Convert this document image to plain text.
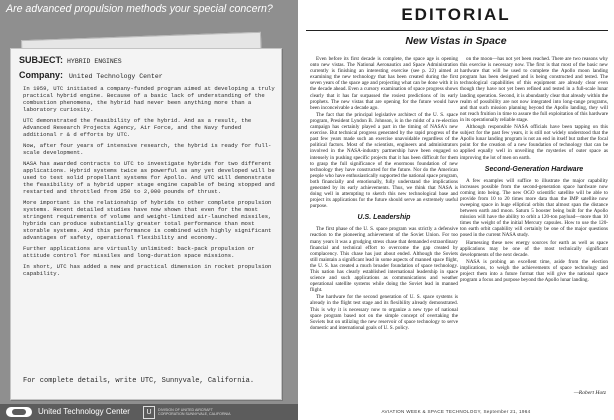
Are advanced propulsion methods your special concern?
SUBJECT: HYBRID ENGINES
Company: United Technology Center

In 1959, UTC initiated a company-funded program aimed at developing a truly practical hybrid engine. Because of a basic lack of understanding of the combustion phenomena, the hybrid had never been anything more than a laboratory curiosity.

UTC demonstrated the feasibility of the hybrid. And as a result, the Advanced Research Projects Agency, Air Force, and the Navy funded additional r & d efforts by UTC.

Now, after four years of intensive research, the hybrid is ready for full-scale development.

NASA has awarded contracts to UTC to investigate hybrids for two different applications. Hybrid systems twice as powerful as any yet developed will be used to test solid propellant systems for Apollo. And UTC will demonstrate the feasibility of a hybrid upper stage engine capable of being stopped and restarted and throttled from 250 to 2,000 pounds of thrust.

More important is the relationship of hybrids to other complete propulsion systems. Recent detailed studies have now shown that even for the most stringent requirements of volume and weight-limited air-launched missiles, hybrids can produce substantially greater total performance than most storable systems. And this performance is combined with highly significant advantages of safety, operational flexibility and economy.

Further applications are virtually unlimited: back-pack propulsion or attitude control for missiles and long-duration space missions.

In short, UTC has added a new and practical dimension in rocket propulsion capability.

For complete details, write UTC, Sunnyvale, California.
United Technology Center	U	DIVISION OF UNITED AIRCRAFT CORPORATION SUNNYVALE, CALIFORNIA
EDITORIAL
New Vistas in Space

Even before its first decade is complete, the space age is opening onto new vistas. The National Aeronautics and Space Administration currently is finishing an interesting exercise (see p. 22) aimed at examining the new technology that has been created during the first seven years of the space age and projecting what can be done with it in the decade ahead. Even a cursory examination of space progress shows clearly that it has far surpassed the rosiest predictions of its early prophets. The new vistas that are opening for the future would have been inconceivable a decade ago.

The fact that the principal legislative architect of the U. S. space program, President Lyndon B. Johnson, is in the midst of a re-election campaign has certainly played a part in the timing of NASA's new exercise. But technical progress generated by the rapid progress of the past few years made such an exercise unavoidable regardless of the political factors. Most of the scientists, engineers and administrators involved in the NASA-industry partnership have been engaged so intensely in pushing specific projects that it has been difficult for them to grasp the full significance of the enormous foundation of new technology they have constructed for the future. Nor do the American people who have enthusiastically supported the national space program, both financially and emotionally, fully understand the implications generated by its early achievements. Thus, we think that NASA is doing well in attempting to sketch this new technological base and project its applications for the future should serve an extremely useful purpose.

U.S. Leadership

The first phase of the U. S. space program was strictly a defensive reaction to the pioneering achievement of the Soviet Union. For too many years it was a grudging stress chase that demanded extraordinary financial and technical effort to overcome the gap created by complacency. This chase has just about ended. Although the Soviets still maintain a significant lead in some aspects of manned space flight, the U. S. has created a much broader foundation of space technology. This nation has clearly established international leadership in space science and such applications as communications and weather operational satellite systems while doing the Soviet lead in manned flight.

The hardware for the second generation of U. S. space systems is already in the flight test stage and its flexibility already demonstrated. This is why it is necessary now to organize a new type of national space program based not on the simple concept of overtaking the Soviets but on utilizing the new reservoir of space technology to serve domestic and international goals of U. S. policy.

on the moon—has not yet been reached. There are two reasons why this exercise is necessary now. The first is that most of the basic new hardware that will be used to complete the Apollo moon landing program has been designed and is being constructed and tested. The technological capabilities of this equipment are already clear even though they have not yet been refined and tested in a full-scale lunar landing operation. Second, it is abundantly clear that already within the realm of possibility are not now integrated into long-range programs, and that such mission planning beyond the Apollo landing, they will not reach fruition in time to assure the full exploitation of this hardware in its operationally reliable stage.

Although responsible NASA officials have been tapping on this subject for the past few years, it is still not widely understood that the Apollo lunar landing program is not an end in itself but rather the focal point for the creation of a new foundation of technology that can be applied equally well in unveiling the mysteries of outer space as improving the lot of men on earth.

Second-Generation Hardware

A few examples will suffice to illustrate the major capability increases possible from the second-generation space hardware now coming into being. The new OGO scientific satellite will be able to provide from 10 to 20 times more data than the IMP satellite now sweeping space in huge elliptical orbits that almost span the distance between earth and moon. Saturn 5 booster being built for the Apollo mission will have the ability to orbit a 120-ton payload—more than 10 times the weight of the initial Mercury capsules. How to use the 120-ton earth orbit capability will certainly be one of the major questions posed in the current NASA study.

Harnessing these new energy sources for earth as well as space applications may be one of the most technically significant developments of the next decade.

NASA is probing an excellent time, aside from the election implications, to weigh the achievements of space technology and project them into a future format that will give the national space program a focus and purpose beyond the Apollo lunar landing.

—Robert Hotz
AVIATION WEEK & SPACE TECHNOLOGY, September 21, 1964
